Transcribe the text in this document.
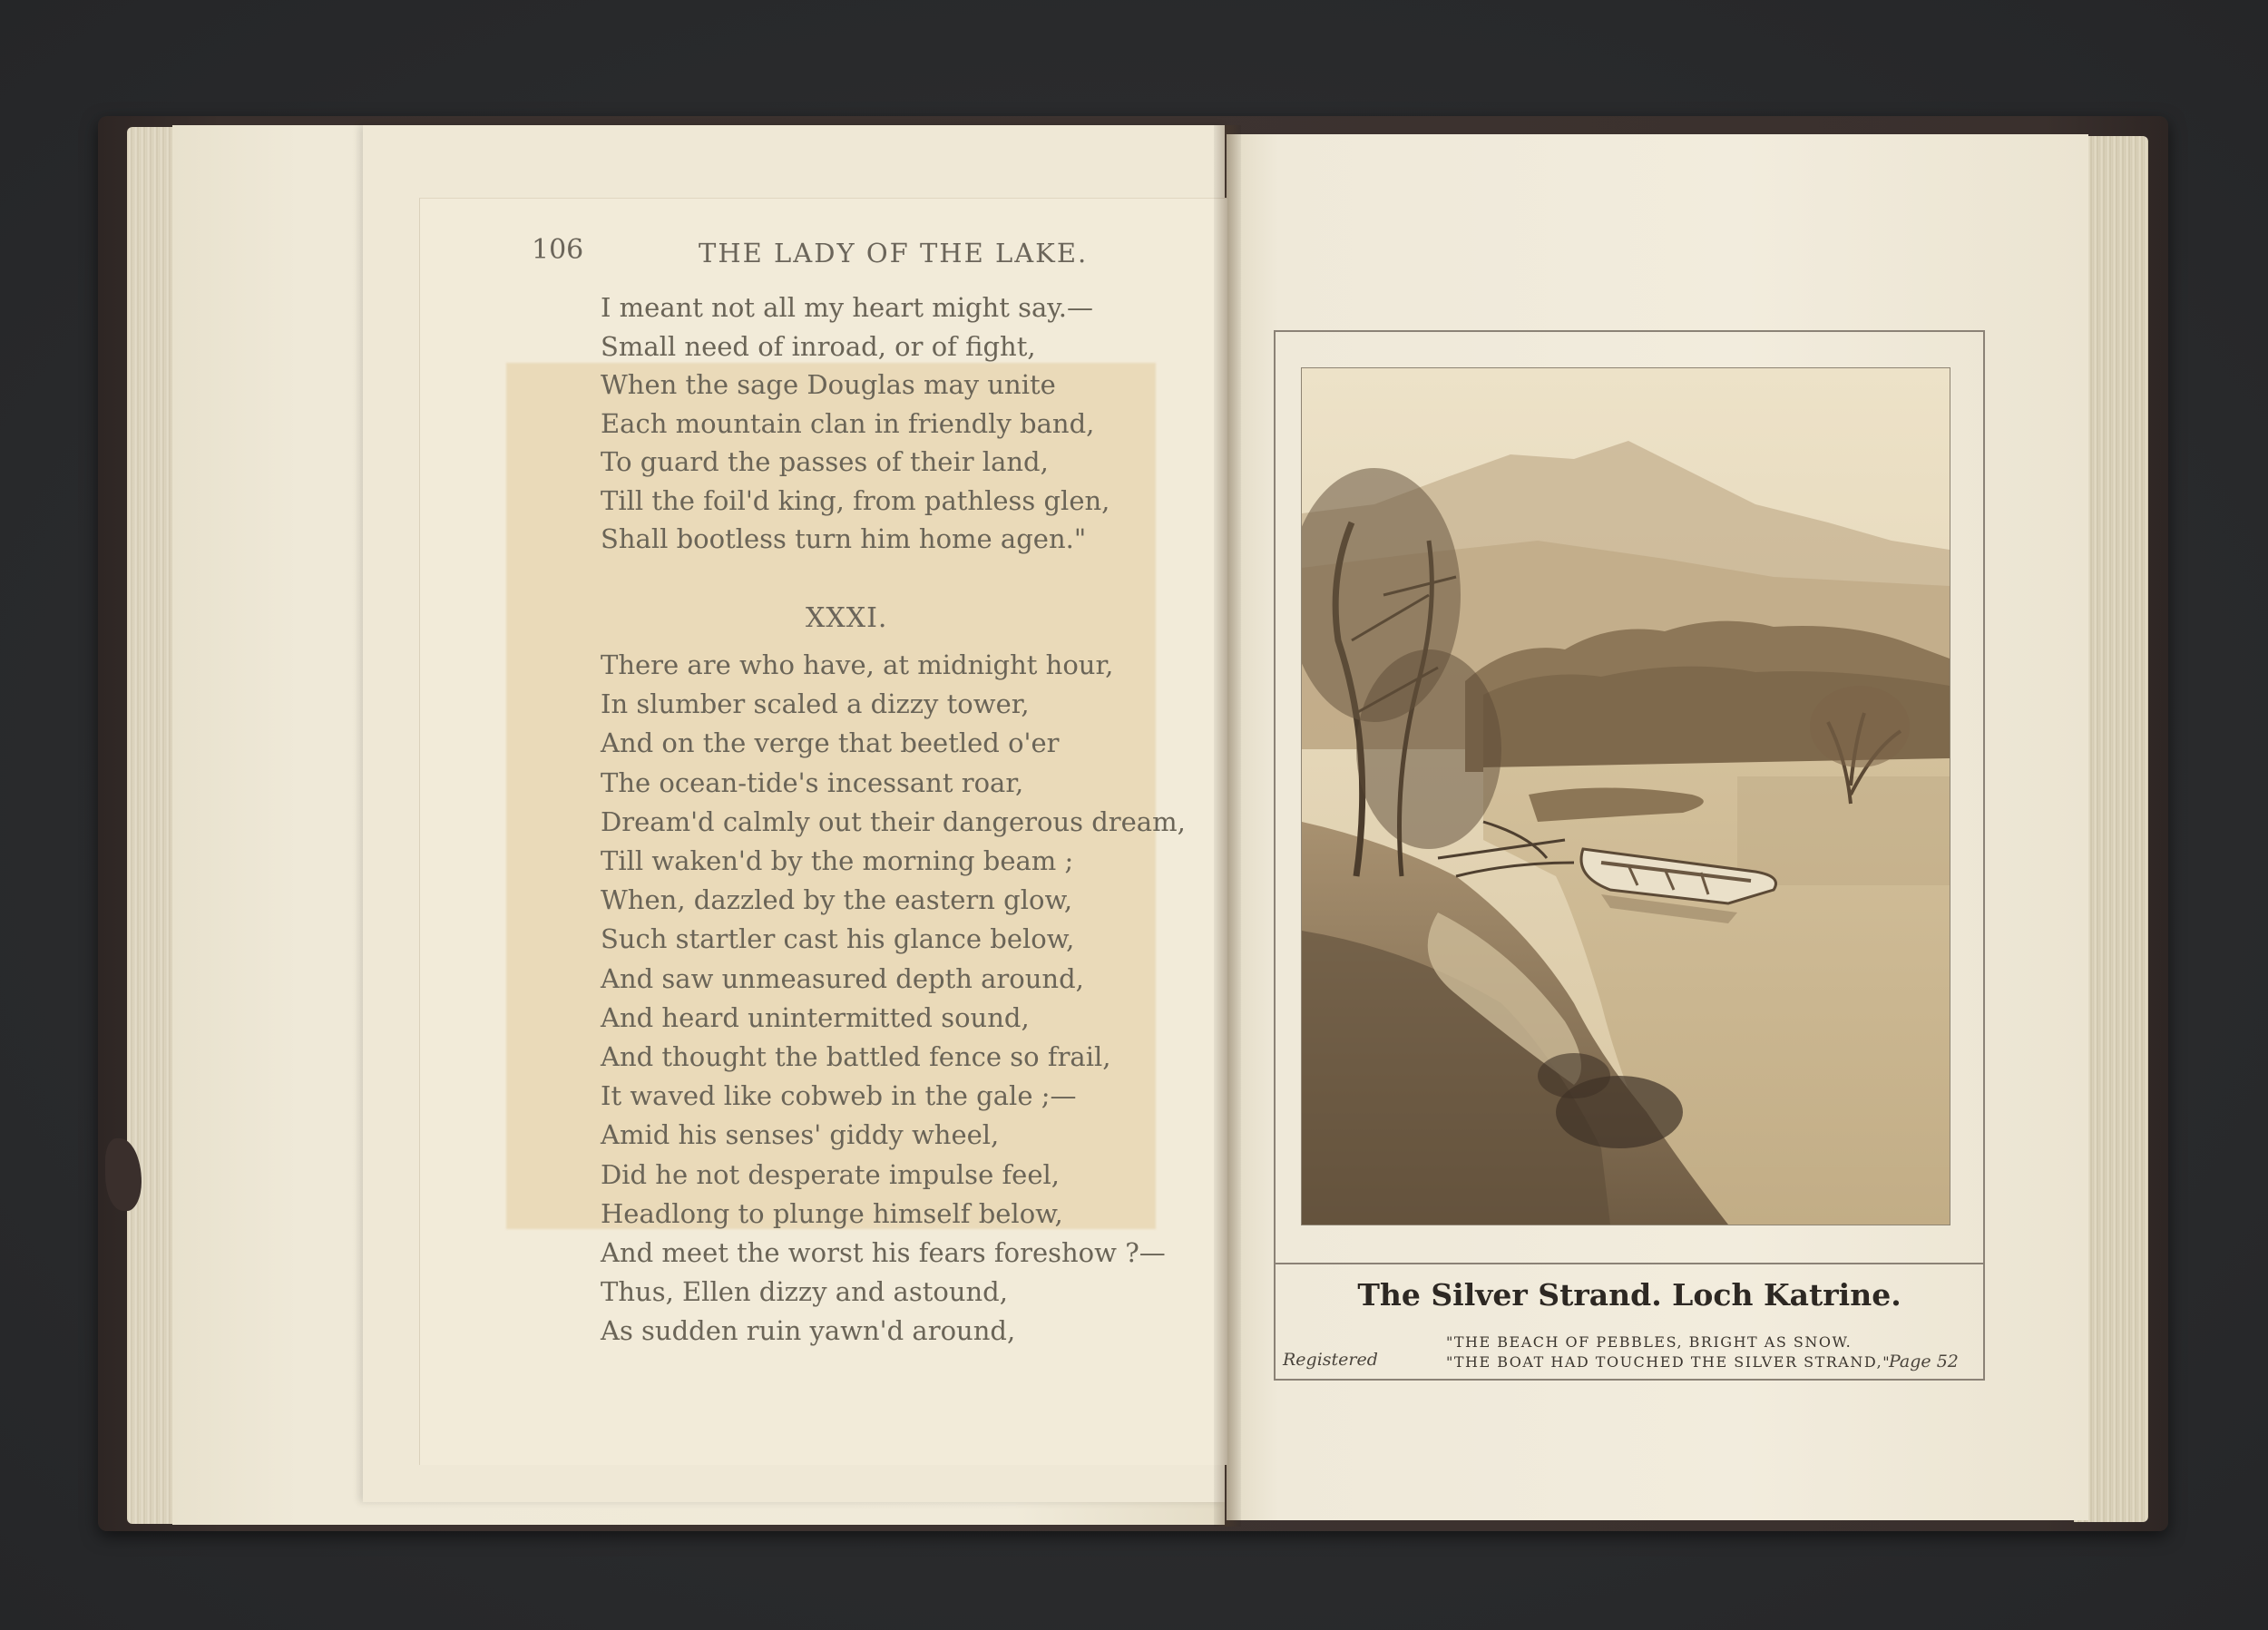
106	THE LADY OF THE LAKE.
I meant not all my heart might say.—
Small need of inroad, or of fight,
When the sage Douglas may unite
Each mountain clan in friendly band,
To guard the passes of their land,
Till the foil'd king, from pathless glen,
Shall bootless turn him home agen."
XXXI.
There are who have, at midnight hour,
In slumber scaled a dizzy tower,
And on the verge that beetled o'er
The ocean-tide's incessant roar,
Dream'd calmly out their dangerous dream,
Till waken'd by the morning beam ;
When, dazzled by the eastern glow,
Such startler cast his glance below,
And saw unmeasured depth around,
And heard unintermitted sound,
And thought the battled fence so frail,
It waved like cobweb in the gale ;—
Amid his senses' giddy wheel,
Did he not desperate impulse feel,
Headlong to plunge himself below,
And meet the worst his fears foreshow ?—
Thus, Ellen dizzy and astound,
As sudden ruin yawn'd around,
The Silver Strand. Loch Katrine.
"THE BEACH OF PEBBLES, BRIGHT AS SNOW.
"THE BOAT HAD TOUCHED THE SILVER STRAND,"
Registered	Page 52
